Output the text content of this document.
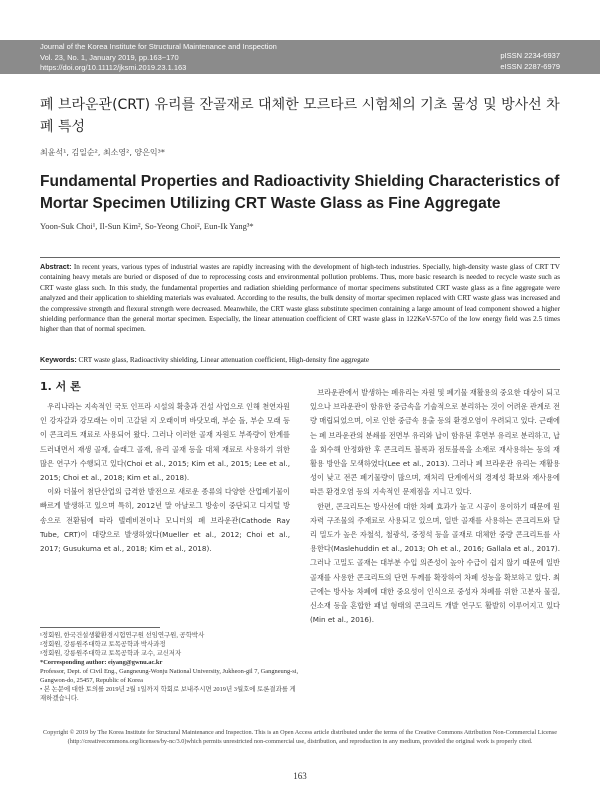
Journal of the Korea Institute for Structural Maintenance and Inspection
Vol. 23, No. 1, January 2019, pp.163~170
https://doi.org/10.11112/jksmi.2019.23.1.163
pISSN 2234-6937
eISSN 2287-6979
폐 브라운관(CRT) 유리를 잔골재로 대체한 모르타르 시험체의 기초 물성 및 방사선 차폐 특성
최윤석¹, 김일순², 최소영², 양은익³*
Fundamental Properties and Radioactivity Shielding Characteristics of Mortar Specimen Utilizing CRT Waste Glass as Fine Aggregate
Yoon-Suk Choi¹, Il-Sun Kim², So-Yeong Choi², Eun-Ik Yang³*
Abstract: In recent years, various types of industrial wastes are rapidly increasing with the development of high-tech industries. Specially, high-density waste glass of CRT TV containing heavy metals are buried or disposed of due to reprocessing costs and environmental pollution problems. Thus, more basic research is needed to recycle waste such as CRT waste glass such. In this study, the fundamental properties and radiation shielding performance of mortar specimens substituted CRT waste glass as a fine aggregate were analyzed and their application to shielding materials was evaluated. According to the results, the bulk density of mortar specimen replaced with CRT waste glass was increased and the compressive strength and flexural strength were decreased. Meanwhile, the CRT waste glass substitute specimen containing a large amount of lead component showed a higher shielding performance than the general mortar specimen. Especially, the linear attenuation coefficient of CRT waste glass in 122KeV-57Co of the low energy field was 2.5 times higher than that of normal specimen.
Keywords: CRT waste glass, Radioactivity shielding, Linear attenuation coefficient, High-density fine aggregate
1. 서 론

우리나라는 지속적인 국토 인프라 시설의 확충과 건설 사업으로 인해 천연자원인 강자갈과 강모래는 이미 고갈된 지 오래이며 바닷모래, 부순 돌, 부순 모래 등이 콘크리트 재료로 사용되어 왔다. 그러나 이러한 골재 자원도 부족량이 한계를 드러내면서 재생 골재, 슬래그 골재, 유리 골재 등을 대체 재료로 사용하기 위한 많은 연구가 수행되고 있다(Choi et al., 2015; Kim et al., 2015; Lee et al., 2015; Choi et al., 2018; Kim et al., 2018).

이와 더불어 첨단산업의 급격한 발전으로 새로운 종류의 다양한 산업폐기물이 빠르게 발생하고 있으며 특히, 2012년 말 아날로그 방송이 중단되고 디지털 방송으로 전환됨에 따라 텔레비전이나 모니터의 폐 브라운관(Cathode Ray Tube, CRT)이 대량으로 발생하였다(Mueller et al., 2012; Choi et al., 2017; Gusukuma et al., 2018; Kim et al., 2018).

브라운관에서 발생하는 폐유리는 자원 및 폐기물 재활용의 중요한 대상이 되고 있으나 브라운관이 함유한 중금속을 기술적으로 분리하는 것이 어려운 관계로 전량 매립되었으며, 이로 인한 중금속 용출 등의 환경오염이 우려되고 있다. 근래에는 폐 브라운관의 분쇄를 전면부 유리와 납이 함유된 후면부 유리로 분리하고, 납을 회수해 안정화한 후 콘크리트 블록과 점토블록을 소재로 재사용하는 등의 재활용 방안을 모색하였다(Lee et al., 2013). 그러나 폐 브라운관 유리는 재활용성이 낮고 전콘 폐기물량이 많으며, 재처리 단계에서의 경제성 확보와 재사용에 따른 환경오염 등의 지속적인 문제점을 지니고 있다.

한편, 콘크리트는 방사선에 대한 차폐 효과가 높고 시공이 용이하기 때문에 원자력 구조물의 주재료로 사용되고 있으며, 일반 골재를 사용하는 콘크리트와 달리 밀도가 높은 자철석, 철광석, 중정석 등을 골재로 대체한 중량 콘크리트를 사용한다(Maslehuddin et al., 2013; Oh et al., 2016; Gallala et al., 2017). 그러나 고밀도 골재는 대부분 수입 의존성이 높아 수급이 쉽지 않기 때문에 일반 골재를 사용한 콘크리트의 단면 두께를 확장하여 차폐 성능을 확보하고 있다. 최근에는 방사능 차폐에 대한 중요성이 인식으로 중성자 차폐를 위한 고분자 물질, 신소재 등을 혼합한 패널 형태의 콘크리트 개발 연구도 활발히 이루어지고 있다(Min et al., 2016).

¹정회원, 한국건설생활환경시험연구원 선임연구원, 공학박사
²정회원, 강릉원주대학교 토목공학과 박사과정
³정회원, 강릉원주대학교 토목공학과 교수, 교신저자
*Corresponding author: eiyang@gwnu.ac.kr
Professor, Dept. of Civil Eng., Gangneung-Wonju National University, Jukheon-gil 7, Gangneung-si, Gangwon-do, 25457, Republic of Korea
• 본 논문에 대한 토의를 2019년 2월 1일까지 학회로 보내주시면 2019년 3월호에 토론결과를 게재하겠습니다.
Copyright © 2019 by The Korea Institute for Structural Maintenance and Inspection. This is an Open Access article distributed under the terms of the Creative Commons Attribution Non-Commercial License (http://creativecommons.org/licenses/by-nc/3.0)which permits unrestricted non-commercial use, distribution, and reproduction in any medium, provided the original work is properly cited.
163
